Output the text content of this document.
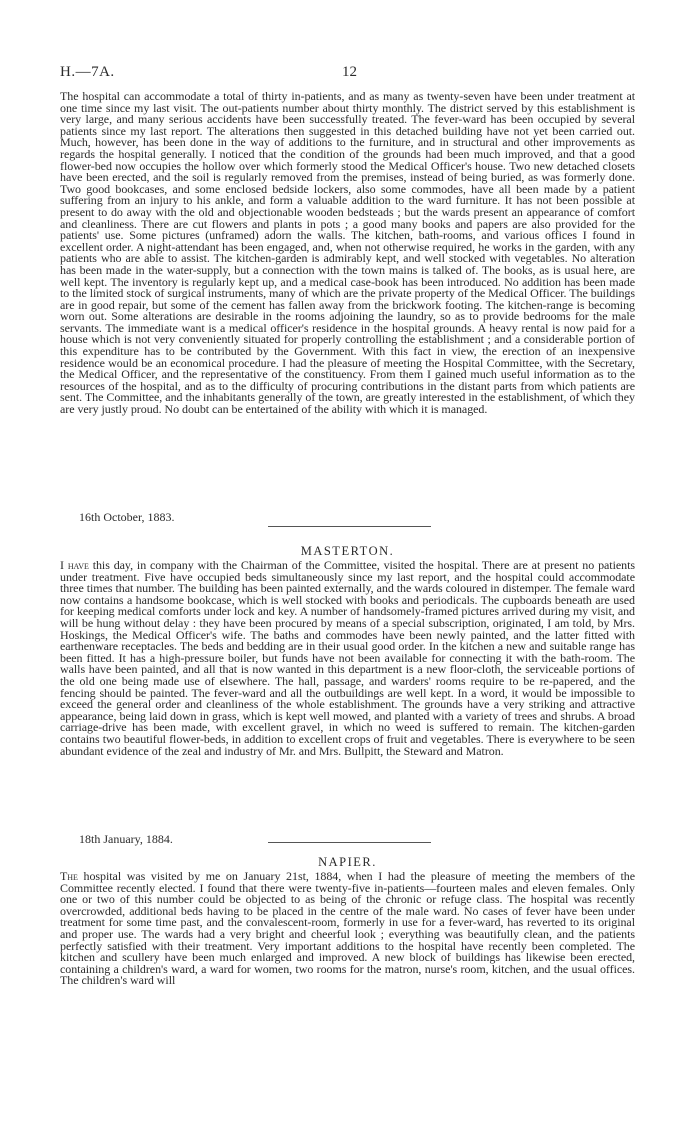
H.—7A.	12

The hospital can accommodate a total of thirty in-patients, and as many as twenty-seven have been under treatment at one time since my last visit. The out-patients number about thirty monthly. The district served by this establishment is very large, and many serious accidents have been successfully treated. The fever-ward has been occupied by several patients since my last report. The alterations then suggested in this detached building have not yet been carried out. Much, however, has been done in the way of additions to the furniture, and in structural and other improvements as regards the hospital generally. I noticed that the condition of the grounds had been much improved, and that a good flower-bed now occupies the hollow over which formerly stood the Medical Officer's house. Two new detached closets have been erected, and the soil is regularly removed from the premises, instead of being buried, as was formerly done. Two good bookcases, and some enclosed bedside lockers, also some commodes, have all been made by a patient suffering from an injury to his ankle, and form a valuable addition to the ward furniture. It has not been possible at present to do away with the old and objectionable wooden bedsteads ; but the wards present an appearance of comfort and cleanliness. There are cut flowers and plants in pots ; a good many books and papers are also provided for the patients' use. Some pictures (unframed) adorn the walls. The kitchen, bath-rooms, and various offices I found in excellent order. A night-attendant has been engaged, and, when not otherwise required, he works in the garden, with any patients who are able to assist. The kitchen-garden is admirably kept, and well stocked with vegetables. No alteration has been made in the water-supply, but a connection with the town mains is talked of. The books, as is usual here, are well kept. The inventory is regularly kept up, and a medical case-book has been introduced. No addition has been made to the limited stock of surgical instruments, many of which are the private property of the Medical Officer. The buildings are in good repair, but some of the cement has fallen away from the brickwork footing. The kitchen-range is becoming worn out. Some alterations are desirable in the rooms adjoining the laundry, so as to provide bedrooms for the male servants. The immediate want is a medical officer's residence in the hospital grounds. A heavy rental is now paid for a house which is not very conveniently situated for properly controlling the establishment ; and a considerable portion of this expenditure has to be contributed by the Government. With this fact in view, the erection of an inexpensive residence would be an economical procedure. I had the pleasure of meeting the Hospital Committee, with the Secretary, the Medical Officer, and the representative of the constituency. From them I gained much useful information as to the resources of the hospital, and as to the difficulty of procuring contributions in the distant parts from which patients are sent. The Committee, and the inhabitants generally of the town, are greatly interested in the establishment, of which they are very justly proud. No doubt can be entertained of the ability with which it is managed.

16th October, 1883.
MASTERTON.

I have this day, in company with the Chairman of the Committee, visited the hospital. There are at present no patients under treatment. Five have occupied beds simultaneously since my last report, and the hospital could accommodate three times that number. The building has been painted externally, and the wards coloured in distemper. The female ward now contains a handsome bookcase, which is well stocked with books and periodicals. The cupboards beneath are used for keeping medical comforts under lock and key. A number of handsomely-framed pictures arrived during my visit, and will be hung without delay : they have been procured by means of a special subscription, originated, I am told, by Mrs. Hoskings, the Medical Officer's wife. The baths and commodes have been newly painted, and the latter fitted with earthenware receptacles. The beds and bedding are in their usual good order. In the kitchen a new and suitable range has been fitted. It has a high-pressure boiler, but funds have not been available for connecting it with the bath-room. The walls have been painted, and all that is now wanted in this department is a new floor-cloth, the serviceable portions of the old one being made use of elsewhere. The hall, passage, and warders' rooms require to be re-papered, and the fencing should be painted. The fever-ward and all the outbuildings are well kept. In a word, it would be impossible to exceed the general order and cleanliness of the whole establishment. The grounds have a very striking and attractive appearance, being laid down in grass, which is kept well mowed, and planted with a variety of trees and shrubs. A broad carriage-drive has been made, with excellent gravel, in which no weed is suffered to remain. The kitchen-garden contains two beautiful flower-beds, in addition to excellent crops of fruit and vegetables. There is everywhere to be seen abundant evidence of the zeal and industry of Mr. and Mrs. Bullpitt, the Steward and Matron.

18th January, 1884.
NAPIER.

The hospital was visited by me on January 21st, 1884, when I had the pleasure of meeting the members of the Committee recently elected. I found that there were twenty-five in-patients—fourteen males and eleven females. Only one or two of this number could be objected to as being of the chronic or refuge class. The hospital was recently overcrowded, additional beds having to be placed in the centre of the male ward. No cases of fever have been under treatment for some time past, and the convalescent-room, formerly in use for a fever-ward, has reverted to its original and proper use. The wards had a very bright and cheerful look ; everything was beautifully clean, and the patients perfectly satisfied with their treatment. Very important additions to the hospital have recently been completed. The kitchen and scullery have been much enlarged and improved. A new block of buildings has likewise been erected, containing a children's ward, a ward for women, two rooms for the matron, nurse's room, kitchen, and the usual offices. The children's ward will
